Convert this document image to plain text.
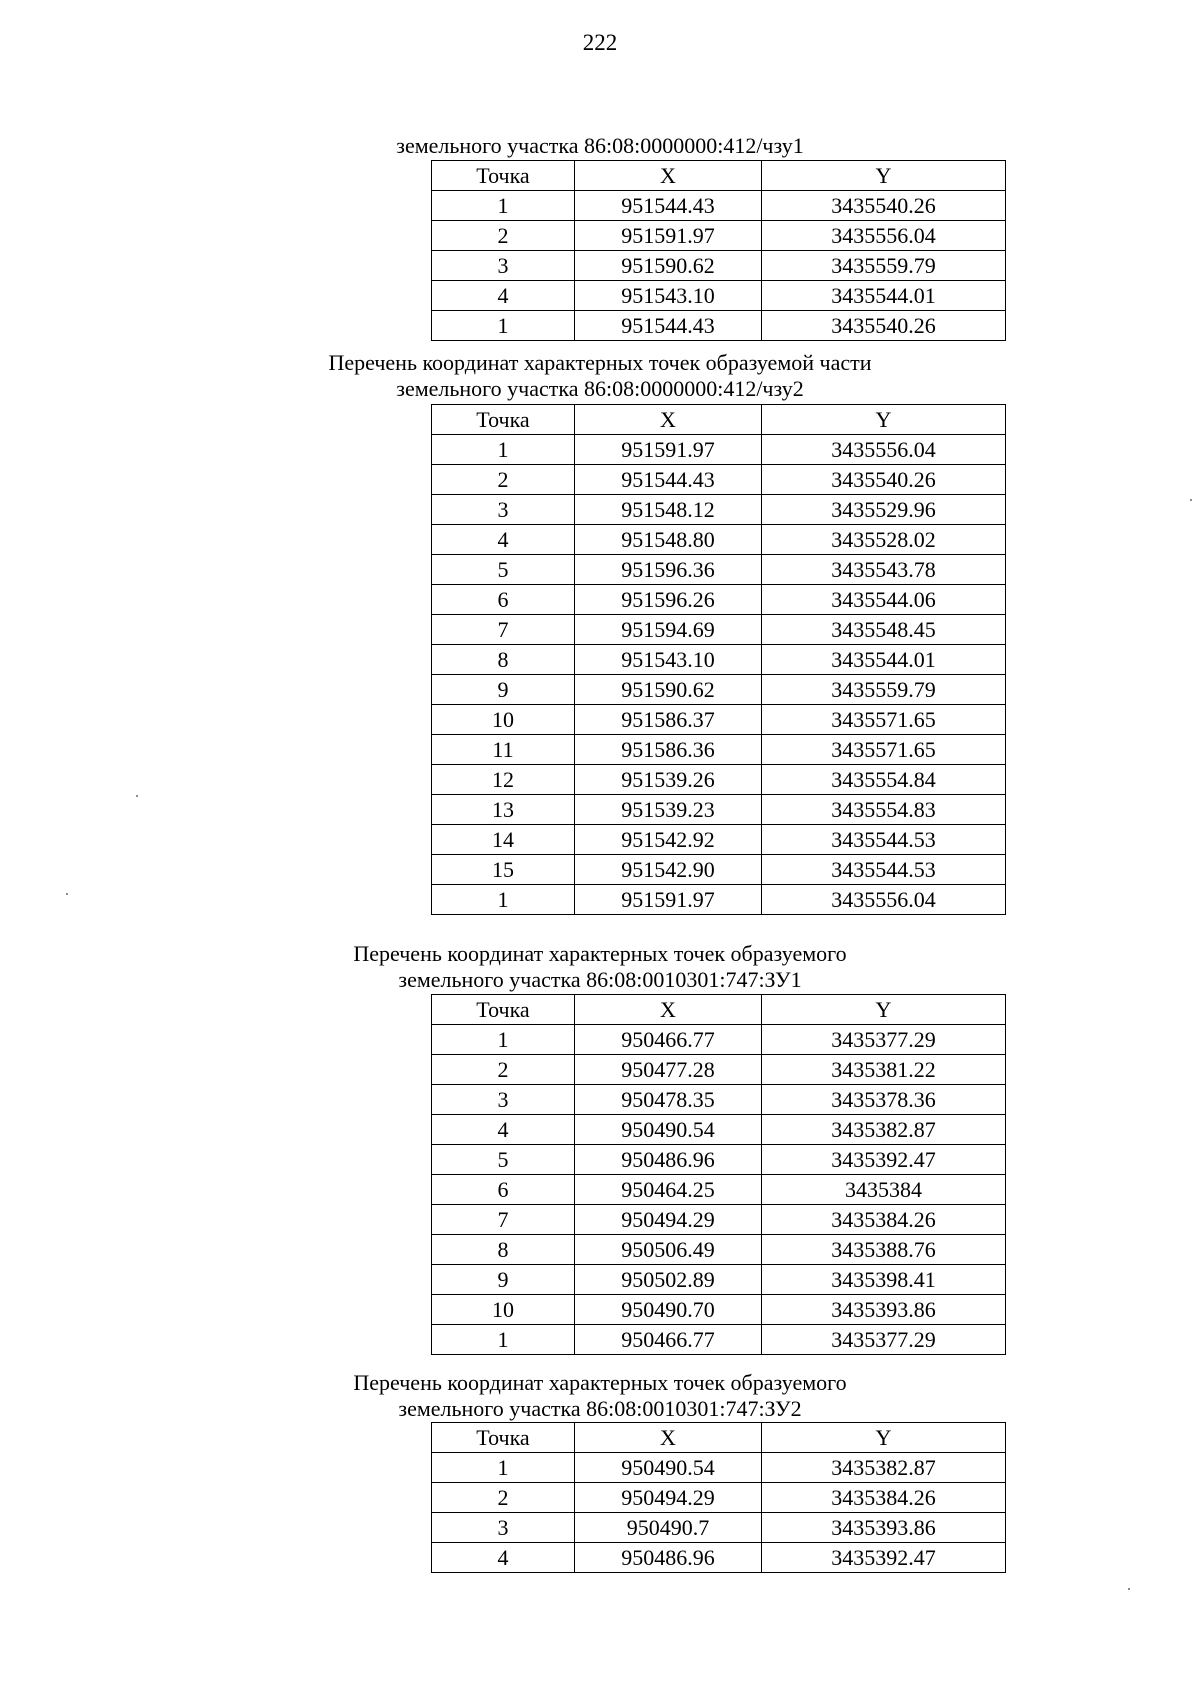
222
земельного участка 86:08:0000000:412/чзу1
Точка	X	Y
1	951544.43	3435540.26
2	951591.97	3435556.04
3	951590.62	3435559.79
4	951543.10	3435544.01
1	951544.43	3435540.26
Перечень координат характерных точек образуемой части
земельного участка 86:08:0000000:412/чзу2
Точка	X	Y
1	951591.97	3435556.04
2	951544.43	3435540.26
3	951548.12	3435529.96
4	951548.80	3435528.02
5	951596.36	3435543.78
6	951596.26	3435544.06
7	951594.69	3435548.45
8	951543.10	3435544.01
9	951590.62	3435559.79
10	951586.37	3435571.65
11	951586.36	3435571.65
12	951539.26	3435554.84
13	951539.23	3435554.83
14	951542.92	3435544.53
15	951542.90	3435544.53
1	951591.97	3435556.04
Перечень координат характерных точек образуемого
земельного участка 86:08:0010301:747:ЗУ1
Точка	X	Y
1	950466.77	3435377.29
2	950477.28	3435381.22
3	950478.35	3435378.36
4	950490.54	3435382.87
5	950486.96	3435392.47
6	950464.25	3435384
7	950494.29	3435384.26
8	950506.49	3435388.76
9	950502.89	3435398.41
10	950490.70	3435393.86
1	950466.77	3435377.29
Перечень координат характерных точек образуемого
земельного участка 86:08:0010301:747:ЗУ2
Точка	X	Y
1	950490.54	3435382.87
2	950494.29	3435384.26
3	950490.7	3435393.86
4	950486.96	3435392.47
